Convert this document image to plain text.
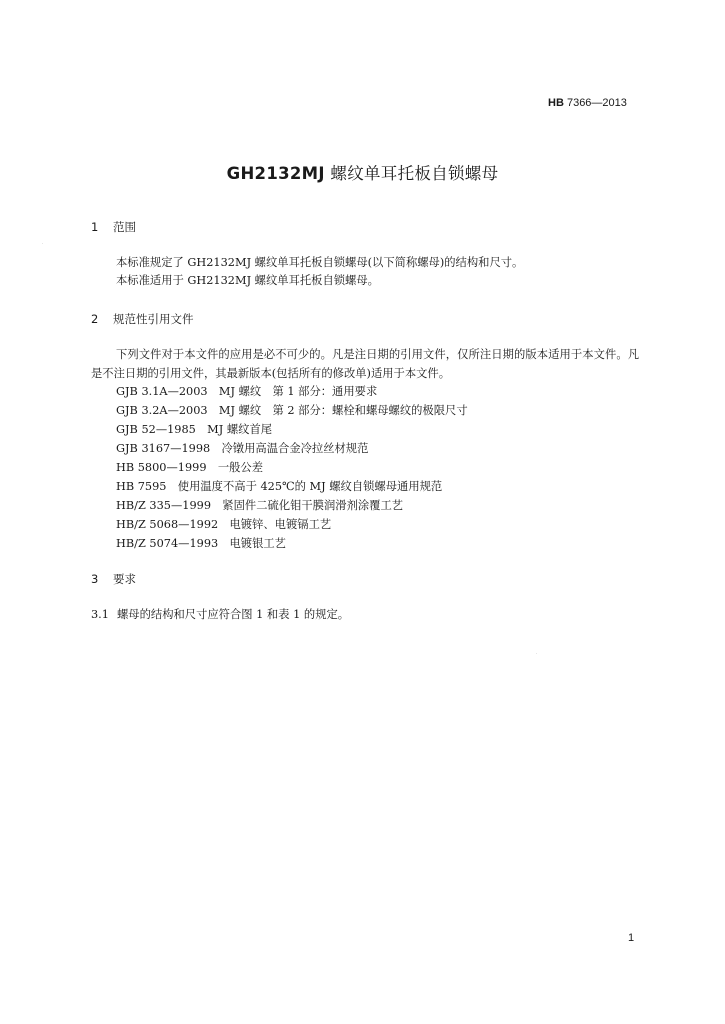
HB 7366—2013
GH2132MJ 螺纹单耳托板自锁螺母
1 范围
本标准规定了 GH2132MJ 螺纹单耳托板自锁螺母(以下简称螺母)的结构和尺寸。
本标准适用于 GH2132MJ 螺纹单耳托板自锁螺母。
2 规范性引用文件
下列文件对于本文件的应用是必不可少的。凡是注日期的引用文件，仅所注日期的版本适用于本文件。凡是不注日期的引用文件，其最新版本(包括所有的修改单)适用于本文件。
GJB 3.1A—2003　MJ 螺纹　第 1 部分：通用要求
GJB 3.2A—2003　MJ 螺纹　第 2 部分：螺栓和螺母螺纹的极限尺寸
GJB 52—1985　MJ 螺纹首尾
GJB 3167—1998　冷镦用高温合金冷拉丝材规范
HB 5800—1999　一般公差
HB 7595　使用温度不高于 425℃的 MJ 螺纹自锁螺母通用规范
HB/Z 335—1999　紧固件二硫化钼干膜润滑剂涂覆工艺
HB/Z 5068—1992　电镀锌、电镀镉工艺
HB/Z 5074—1993　电镀银工艺
3 要求
3.1 螺母的结构和尺寸应符合图 1 和表 1 的规定。
1
